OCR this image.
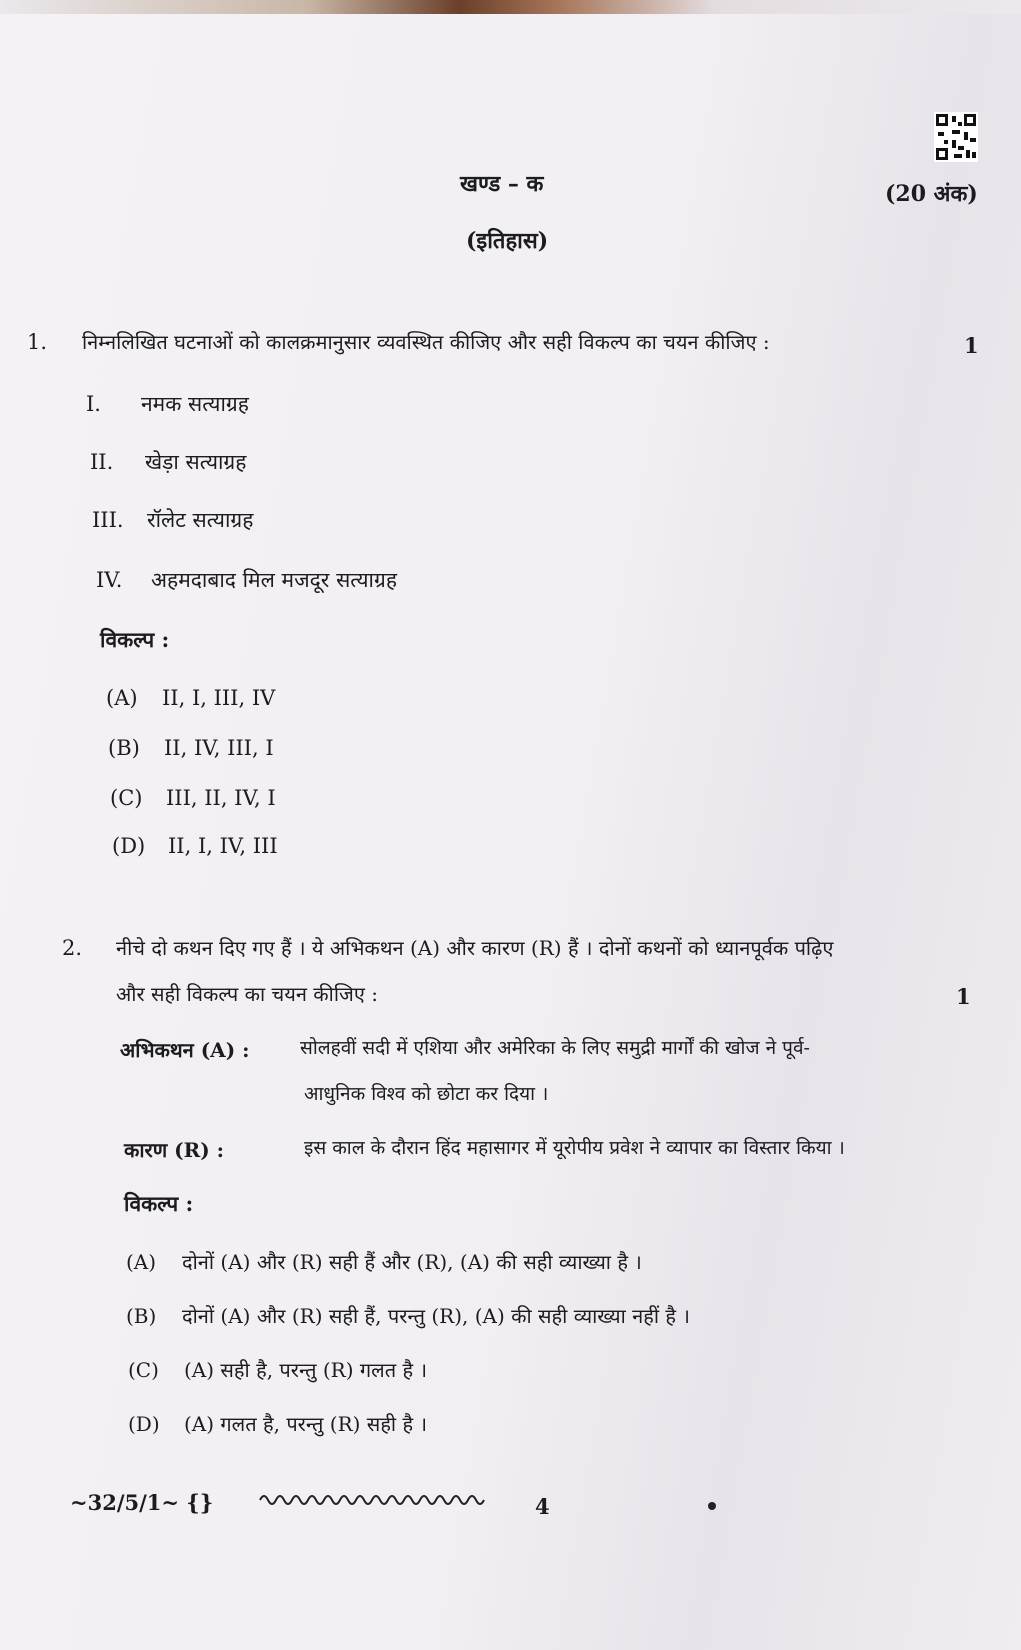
खण्ड – क
(इतिहास)
(20 अंक)
1. निम्नलिखित घटनाओं को कालक्रमानुसार व्यवस्थित कीजिए और सही विकल्प का चयन कीजिए :	1
I. नमक सत्याग्रह
II. खेड़ा सत्याग्रह
III. रॉलेट सत्याग्रह
IV. अहमदाबाद मिल मजदूर सत्याग्रह
विकल्प :
(A) II, I, III, IV
(B) II, IV, III, I
(C) III, II, IV, I
(D) II, I, IV, III
2. नीचे दो कथन दिए गए हैं । ये अभिकथन (A) और कारण (R) हैं । दोनों कथनों को ध्यानपूर्वक पढ़िए
और सही विकल्प का चयन कीजिए :	1
अभिकथन (A) :	सोलहवीं सदी में एशिया और अमेरिका के लिए समुद्री मार्गों की खोज ने पूर्व-
आधुनिक विश्व को छोटा कर दिया ।
कारण (R) :	इस काल के दौरान हिंद महासागर में यूरोपीय प्रवेश ने व्यापार का विस्तार किया ।
विकल्प :
(A) दोनों (A) और (R) सही हैं और (R), (A) की सही व्याख्या है ।
(B) दोनों (A) और (R) सही हैं, परन्तु (R), (A) की सही व्याख्या नहीं है ।
(C) (A) सही है, परन्तु (R) गलत है ।
(D) (A) गलत है, परन्तु (R) सही है ।
~32/5/1~ {}	4
